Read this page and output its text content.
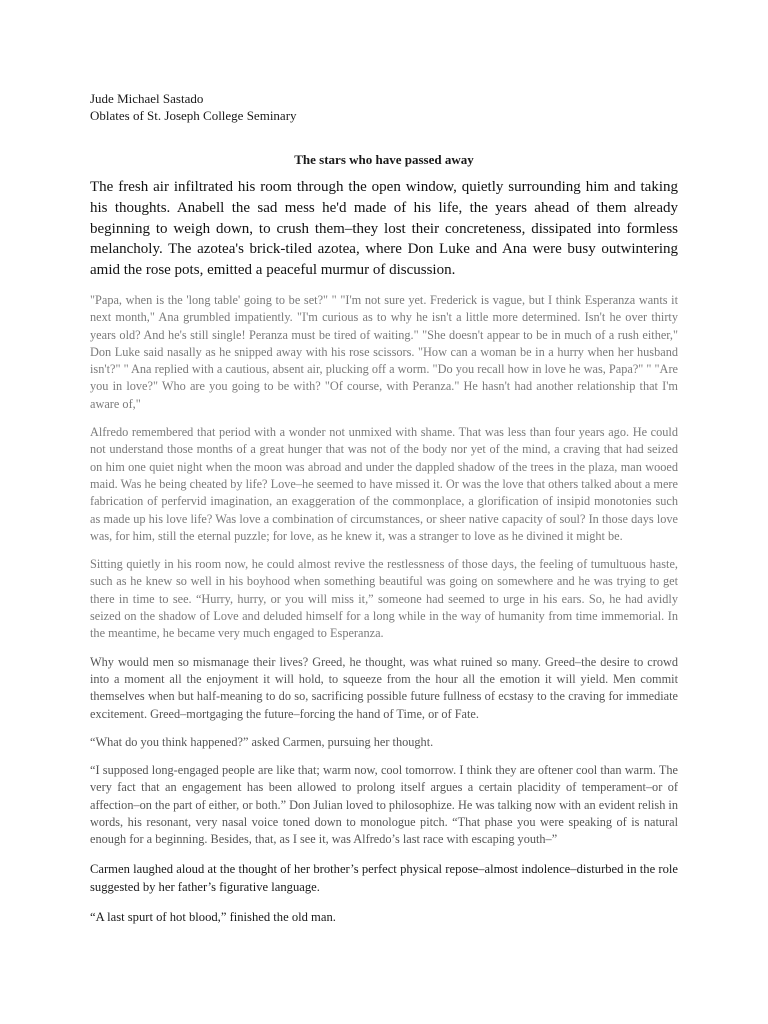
Jude Michael Sastado
Oblates of St. Joseph College Seminary
The stars who have passed away
The fresh air infiltrated his room through the open window, quietly surrounding him and taking his thoughts. Anabell the sad mess he'd made of his life, the years ahead of them already beginning to weigh down, to crush them–they lost their concreteness, dissipated into formless melancholy. The azotea's brick-tiled azotea, where Don Luke and Ana were busy outwintering amid the rose pots, emitted a peaceful murmur of discussion.
"Papa, when is the 'long table' going to be set?" " "I'm not sure yet. Frederick is vague, but I think Esperanza wants it next month," Ana grumbled impatiently. "I'm curious as to why he isn't a little more determined. Isn't he over thirty years old? And he's still single! Peranza must be tired of waiting." "She doesn't appear to be in much of a rush either," Don Luke said nasally as he snipped away with his rose scissors. "How can a woman be in a hurry when her husband isn't?" " Ana replied with a cautious, absent air, plucking off a worm. "Do you recall how in love he was, Papa?" " "Are you in love?" Who are you going to be with? "Of course, with Peranza." He hasn't had another relationship that I'm aware of,"
Alfredo remembered that period with a wonder not unmixed with shame. That was less than four years ago. He could not understand those months of a great hunger that was not of the body nor yet of the mind, a craving that had seized on him one quiet night when the moon was abroad and under the dappled shadow of the trees in the plaza, man wooed maid. Was he being cheated by life? Love–he seemed to have missed it. Or was the love that others talked about a mere fabrication of perfervid imagination, an exaggeration of the commonplace, a glorification of insipid monotonies such as made up his love life? Was love a combination of circumstances, or sheer native capacity of soul? In those days love was, for him, still the eternal puzzle; for love, as he knew it, was a stranger to love as he divined it might be.
Sitting quietly in his room now, he could almost revive the restlessness of those days, the feeling of tumultuous haste, such as he knew so well in his boyhood when something beautiful was going on somewhere and he was trying to get there in time to see. “Hurry, hurry, or you will miss it,” someone had seemed to urge in his ears. So, he had avidly seized on the shadow of Love and deluded himself for a long while in the way of humanity from time immemorial. In the meantime, he became very much engaged to Esperanza.
Why would men so mismanage their lives? Greed, he thought, was what ruined so many. Greed–the desire to crowd into a moment all the enjoyment it will hold, to squeeze from the hour all the emotion it will yield. Men commit themselves when but half-meaning to do so, sacrificing possible future fullness of ecstasy to the craving for immediate excitement. Greed–mortgaging the future–forcing the hand of Time, or of Fate.
“What do you think happened?” asked Carmen, pursuing her thought.
“I supposed long-engaged people are like that; warm now, cool tomorrow. I think they are oftener cool than warm. The very fact that an engagement has been allowed to prolong itself argues a certain placidity of temperament–or of affection–on the part of either, or both.” Don Julian loved to philosophize. He was talking now with an evident relish in words, his resonant, very nasal voice toned down to monologue pitch. “That phase you were speaking of is natural enough for a beginning. Besides, that, as I see it, was Alfredo’s last race with escaping youth–”
Carmen laughed aloud at the thought of her brother’s perfect physical repose–almost indolence–disturbed in the role suggested by her father’s figurative language.
“A last spurt of hot blood,” finished the old man.
